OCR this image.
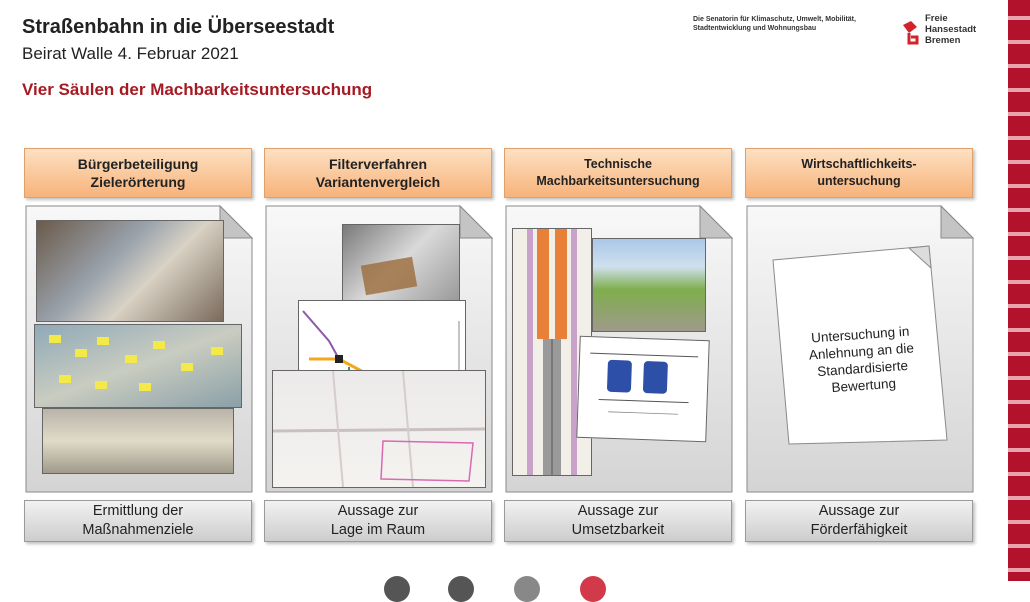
Straßenbahn in die Überseestadt
Beirat Walle 4. Februar 2021
Vier Säulen der Machbarkeitsuntersuchung
Die Senatorin für Klimaschutz, Umwelt, Mobilität,
Stadtentwicklung und Wohnungsbau
Freie
Hansestadt
Bremen
Bürgerbeteiligung
Zielerörterung
Ermittlung der
Maßnahmenziele
Filterverfahren
Variantenvergleich
Aussage zur
Lage im Raum
Technische
Machbarkeitsuntersuchung
Aussage zur
Umsetzbarkeit
Wirtschaftlichkeits-
untersuchung
Untersuchung in
Anlehnung an die
Standardisierte
Bewertung
Aussage zur
Förderfähigkeit
